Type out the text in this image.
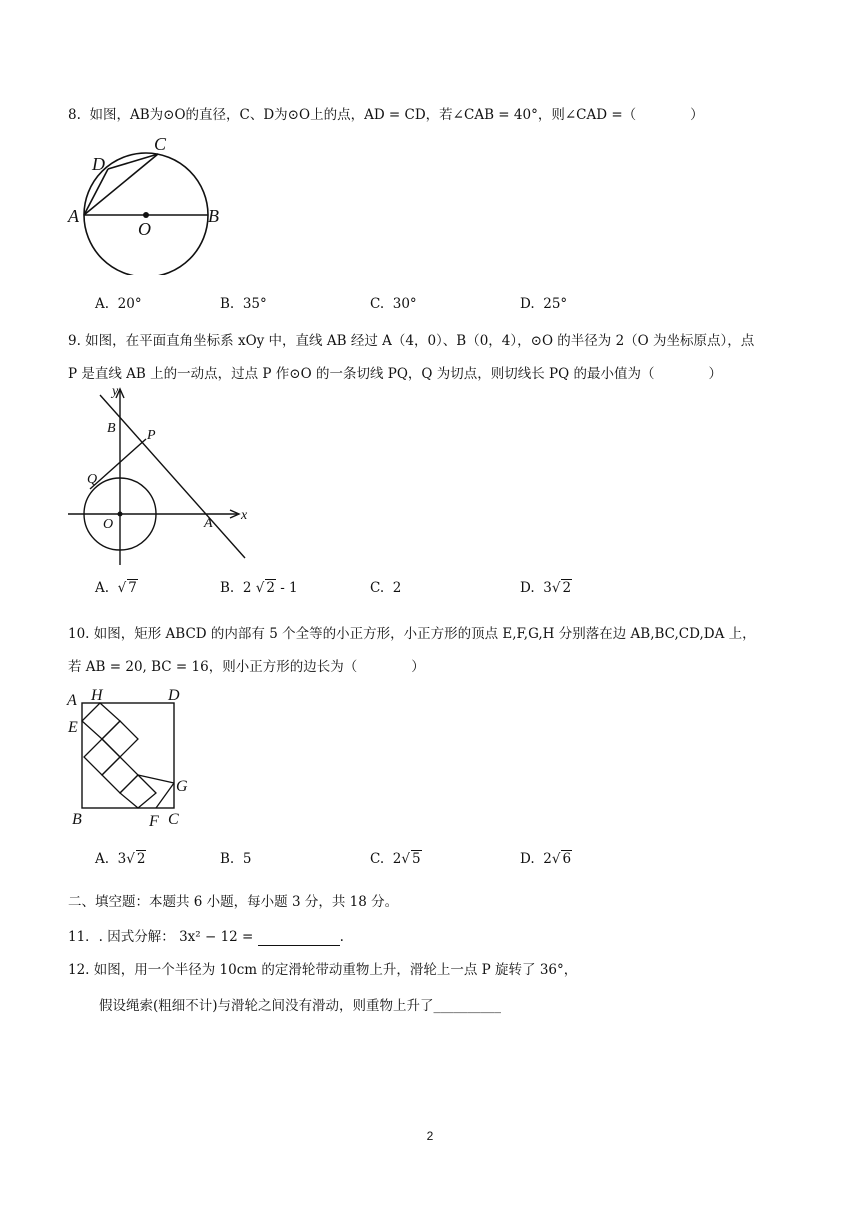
8. 如图，AB为⊙O的直径，C、D为⊙O上的点，AD = CD，若∠CAB = 40°，则∠CAD =（　　　　）
D
C
A	B
O
A. 20°	B. 35°	C. 30°	D. 25°
9. 如图，在平面直角坐标系 xOy 中，直线 AB 经过 A（4，0）、B（0，4），⊙O 的半径为 2（O 为坐标原点），点
P 是直线 AB 上的一动点，过点 P 作⊙O 的一条切线 PQ，Q 为切点，则切线长 PQ 的最小值为（　　　　）
y
x
B P
Q
O	A
A.  √ 7	B. 2 √ 2 - 1	C. 2	D. 3√ 2
10. 如图，矩形 ABCD 的内部有 5 个全等的小正方形，小正方形的顶点 E,F,G,H 分别落在边 AB,BC,CD,DA 上，
若 AB = 20, BC = 16，则小正方形的边长为（　　　　）
A H	D
E
G
B	F C
A. 3√ 2	B. 5	C. 2√ 5	D. 2√ 6
二、填空题：本题共 6 小题，每小题 3 分，共 18 分。
11．. 因式分解： 3x² − 12 =	.
12. 如图，用一个半径为 10cm 的定滑轮带动重物上升，滑轮上一点 P 旋转了 36°，
假设绳索(粗细不计)与滑轮之间没有滑动，则重物上升了__________
2
